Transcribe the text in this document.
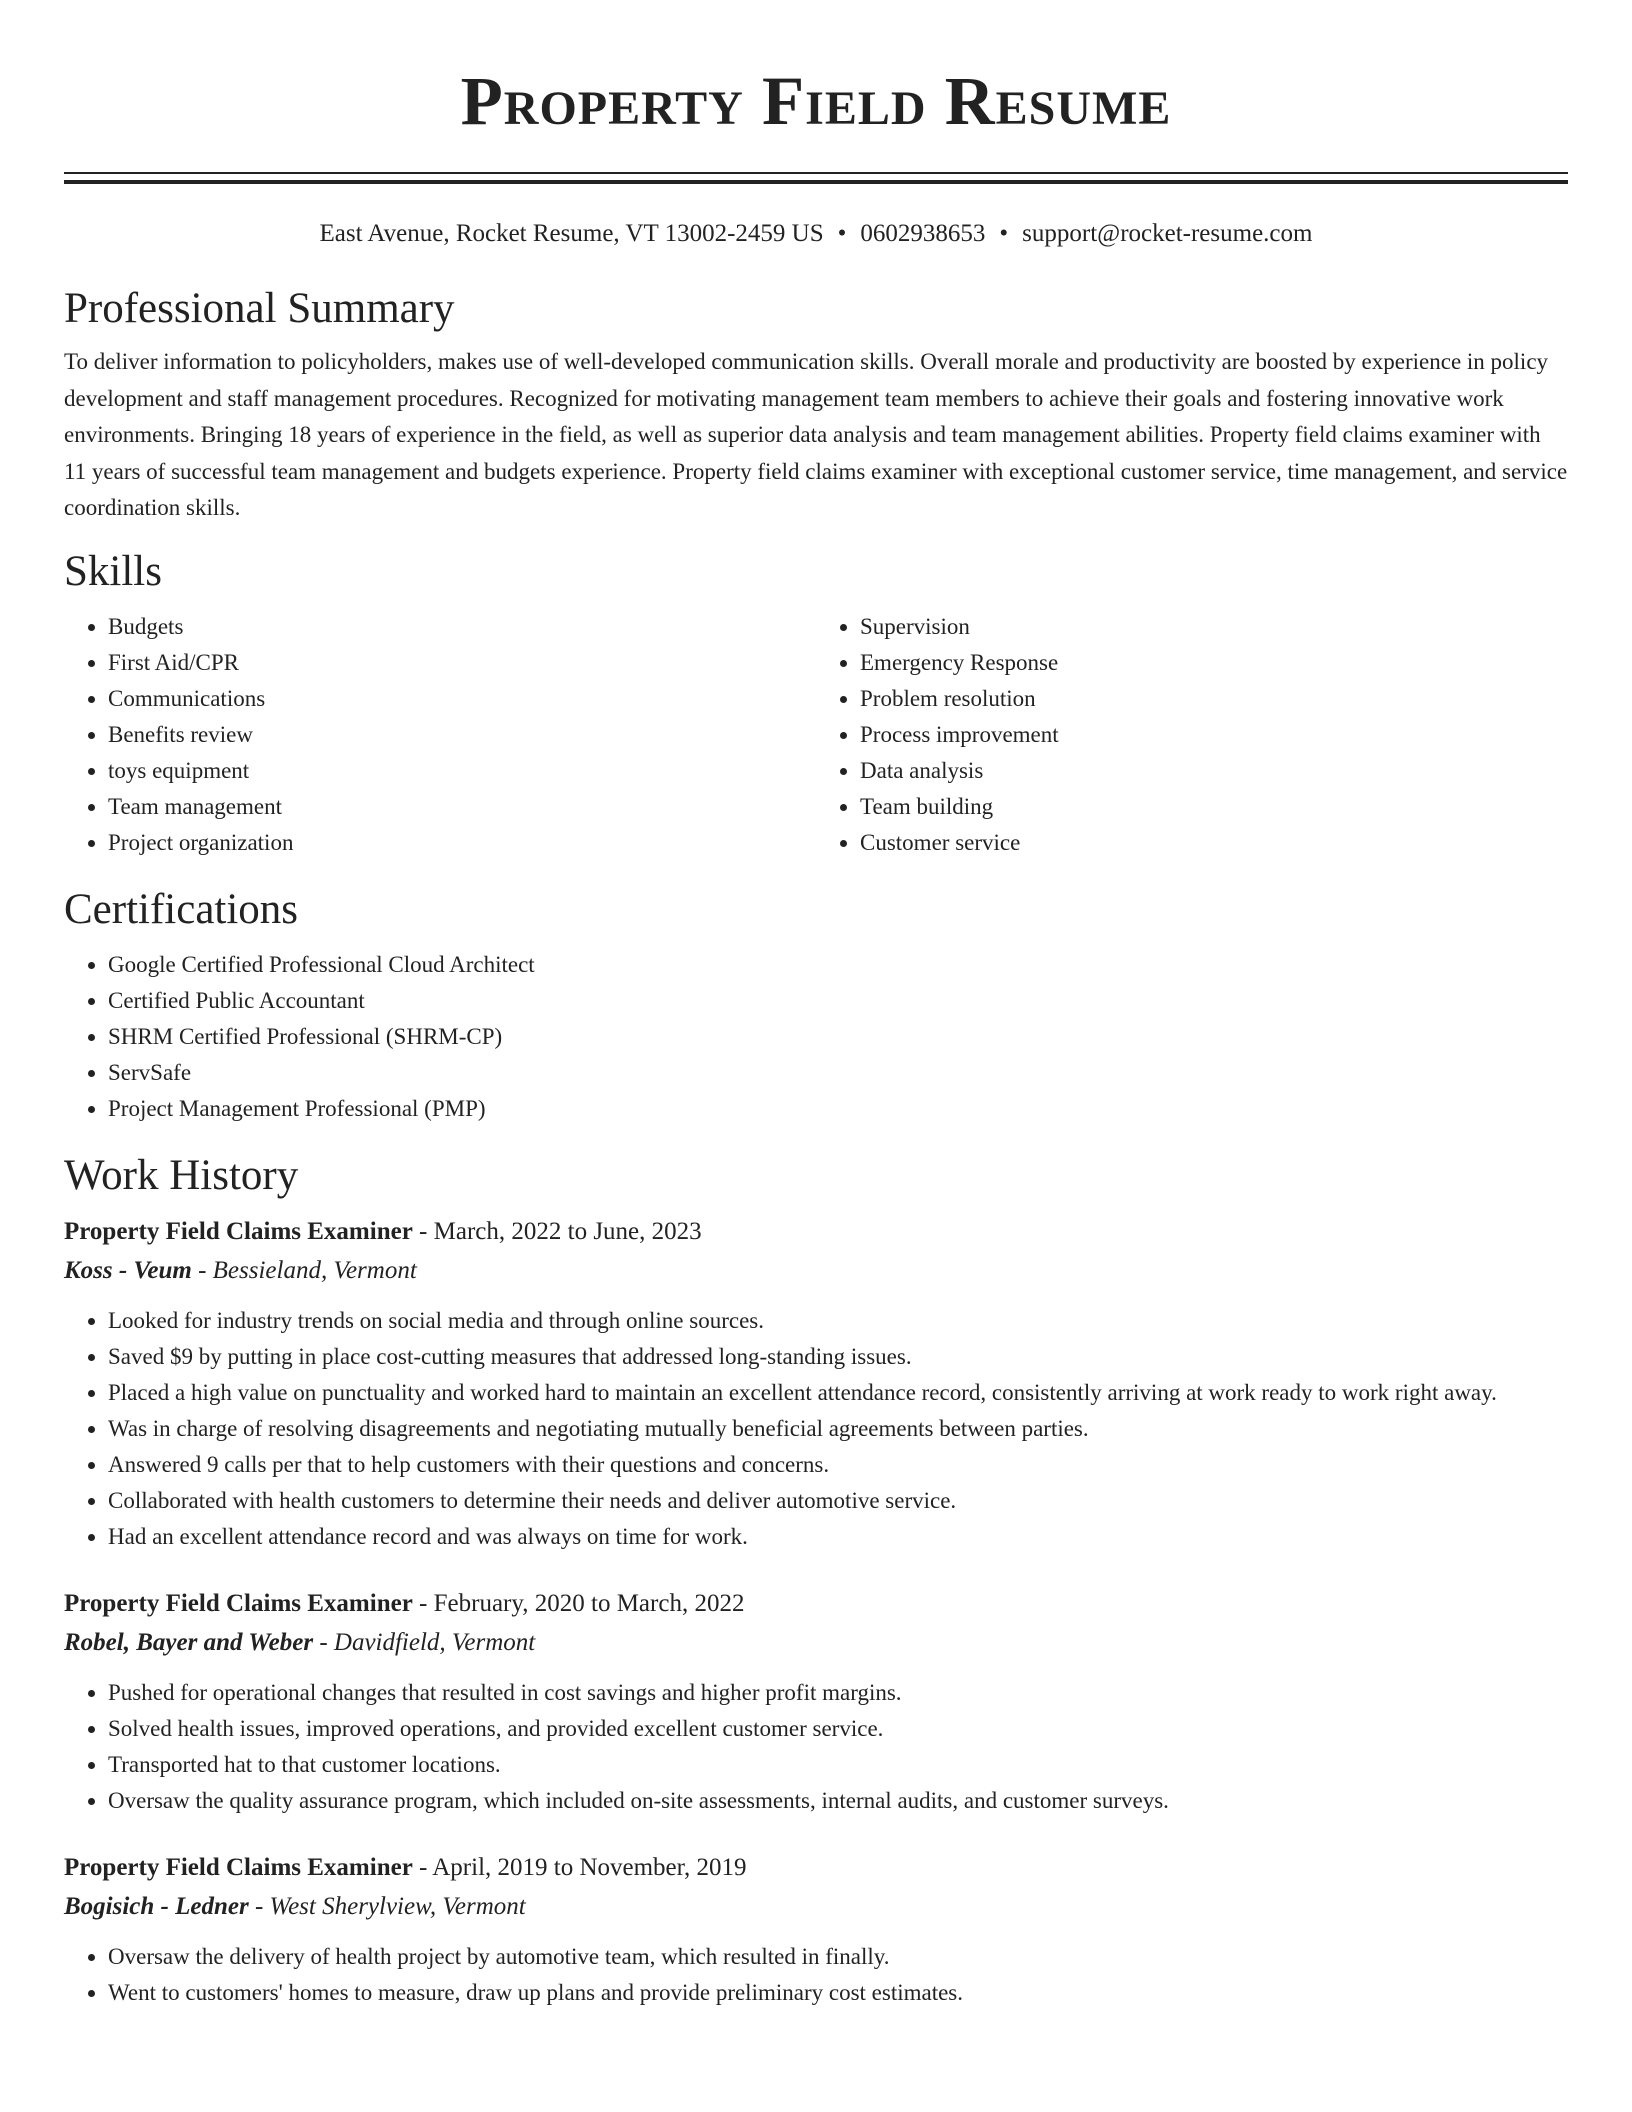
Property Field Resume
East Avenue, Rocket Resume, VT 13002-2459 US • 0602938653 • support@rocket-resume.com
Professional Summary

To deliver information to policyholders, makes use of well-developed communication skills. Overall morale and productivity are boosted by experience in policy development and staff management procedures. Recognized for motivating management team members to achieve their goals and fostering innovative work environments. Bringing 18 years of experience in the field, as well as superior data analysis and team management abilities. Property field claims examiner with 11 years of successful team management and budgets experience. Property field claims examiner with exceptional customer service, time management, and service coordination skills.

Skills
• Budgets
• First Aid/CPR
• Communications
• Benefits review
• toys equipment
• Team management
• Project organization
• Supervision
• Emergency Response
• Problem resolution
• Process improvement
• Data analysis
• Team building
• Customer service
Certifications
• Google Certified Professional Cloud Architect
• Certified Public Accountant
• SHRM Certified Professional (SHRM-CP)
• ServSafe
• Project Management Professional (PMP)
Work History

Property Field Claims Examiner - March, 2022 to June, 2023

Koss - Veum - Bessieland, Vermont

• Looked for industry trends on social media and through online sources.
• Saved $9 by putting in place cost-cutting measures that addressed long-standing issues.
• Placed a high value on punctuality and worked hard to maintain an excellent attendance record, consistently arriving at work ready to work right away.
• Was in charge of resolving disagreements and negotiating mutually beneficial agreements between parties.
• Answered 9 calls per that to help customers with their questions and concerns.
• Collaborated with health customers to determine their needs and deliver automotive service.
• Had an excellent attendance record and was always on time for work.

Property Field Claims Examiner - February, 2020 to March, 2022

Robel, Bayer and Weber - Davidfield, Vermont

• Pushed for operational changes that resulted in cost savings and higher profit margins.
• Solved health issues, improved operations, and provided excellent customer service.
• Transported hat to that customer locations.
• Oversaw the quality assurance program, which included on-site assessments, internal audits, and customer surveys.

Property Field Claims Examiner - April, 2019 to November, 2019

Bogisich - Ledner - West Sherylview, Vermont

• Oversaw the delivery of health project by automotive team, which resulted in finally.
• Went to customers' homes to measure, draw up plans and provide preliminary cost estimates.
